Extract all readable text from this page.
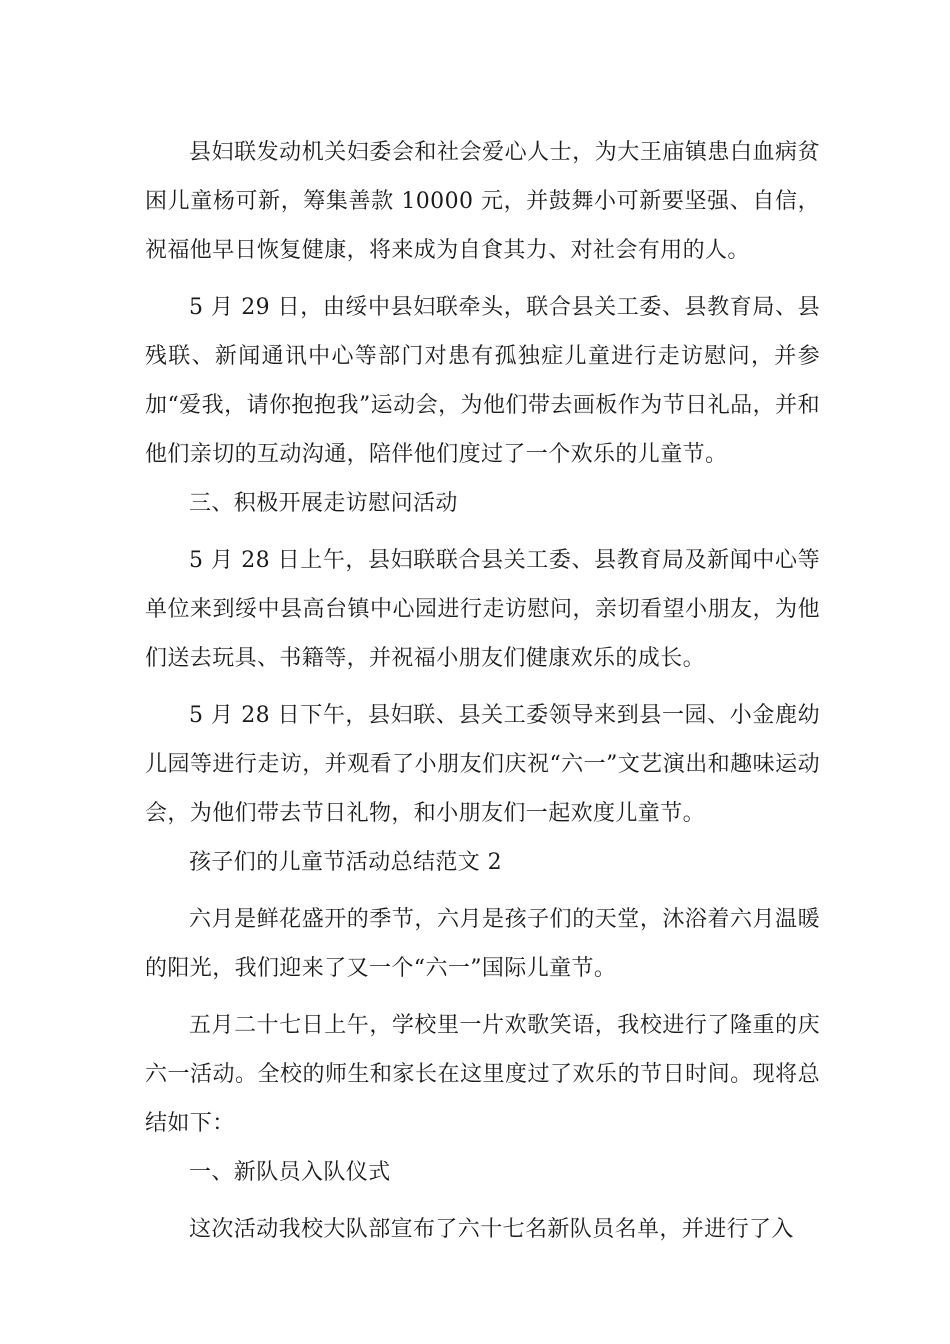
县妇联发动机关妇委会和社会爱心人士，为大王庙镇患白血病贫困儿童杨可新，筹集善款 10000 元，并鼓舞小可新要坚强、自信，祝福他早日恢复健康，将来成为自食其力、对社会有用的人。

5 月 29 日，由绥中县妇联牵头，联合县关工委、县教育局、县残联、新闻通讯中心等部门对患有孤独症儿童进行走访慰问，并参加“爱我，请你抱抱我”运动会，为他们带去画板作为节日礼品，并和他们亲切的互动沟通，陪伴他们度过了一个欢乐的儿童节。

三、积极开展走访慰问活动

5 月 28 日上午，县妇联联合县关工委、县教育局及新闻中心等单位来到绥中县高台镇中心园进行走访慰问，亲切看望小朋友，为他们送去玩具、书籍等，并祝福小朋友们健康欢乐的成长。

5 月 28 日下午，县妇联、县关工委领导来到县一园、小金鹿幼儿园等进行走访，并观看了小朋友们庆祝“六一”文艺演出和趣味运动会，为他们带去节日礼物，和小朋友们一起欢度儿童节。

孩子们的儿童节活动总结范文 2

六月是鲜花盛开的季节，六月是孩子们的天堂，沐浴着六月温暖的阳光，我们迎来了又一个“六一”国际儿童节。

五月二十七日上午，学校里一片欢歌笑语，我校进行了隆重的庆六一活动。全校的师生和家长在这里度过了欢乐的节日时间。现将总结如下：

一、新队员入队仪式

这次活动我校大队部宣布了六十七名新队员名单，并进行了入
